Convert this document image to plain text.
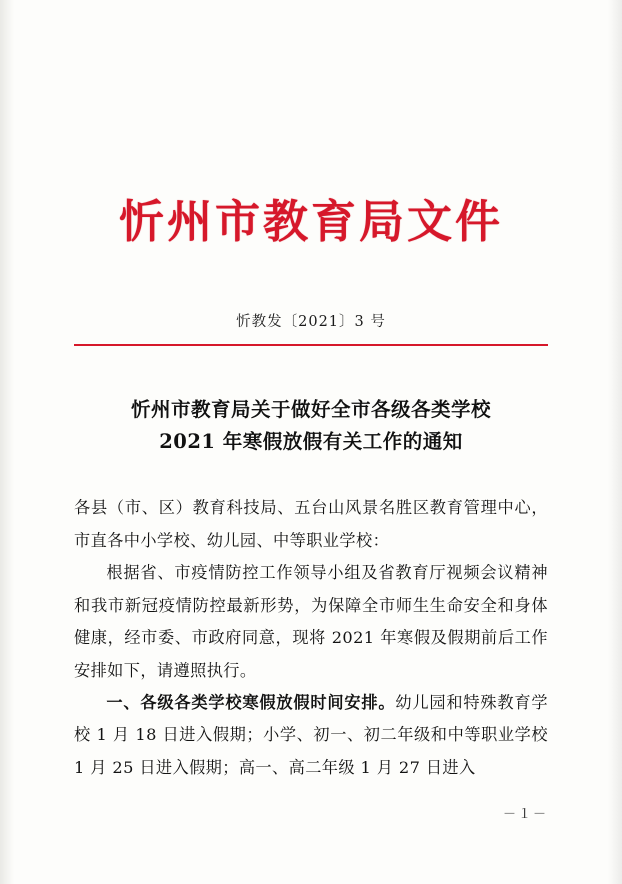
忻州市教育局文件
忻教发〔2021〕3 号
忻州市教育局关于做好全市各级各类学校
2021 年寒假放假有关工作的通知

各县（市、区）教育科技局、五台山风景名胜区教育管理中心，市直各中小学校、幼儿园、中等职业学校：

根据省、市疫情防控工作领导小组及省教育厅视频会议精神和我市新冠疫情防控最新形势，为保障全市师生生命安全和身体健康，经市委、市政府同意，现将 2021 年寒假及假期前后工作安排如下，请遵照执行。

一、各级各类学校寒假放假时间安排。幼儿园和特殊教育学校 1 月 18 日进入假期；小学、初一、初二年级和中等职业学校 1 月 25 日进入假期；高一、高二年级 1 月 27 日进入

－１－
